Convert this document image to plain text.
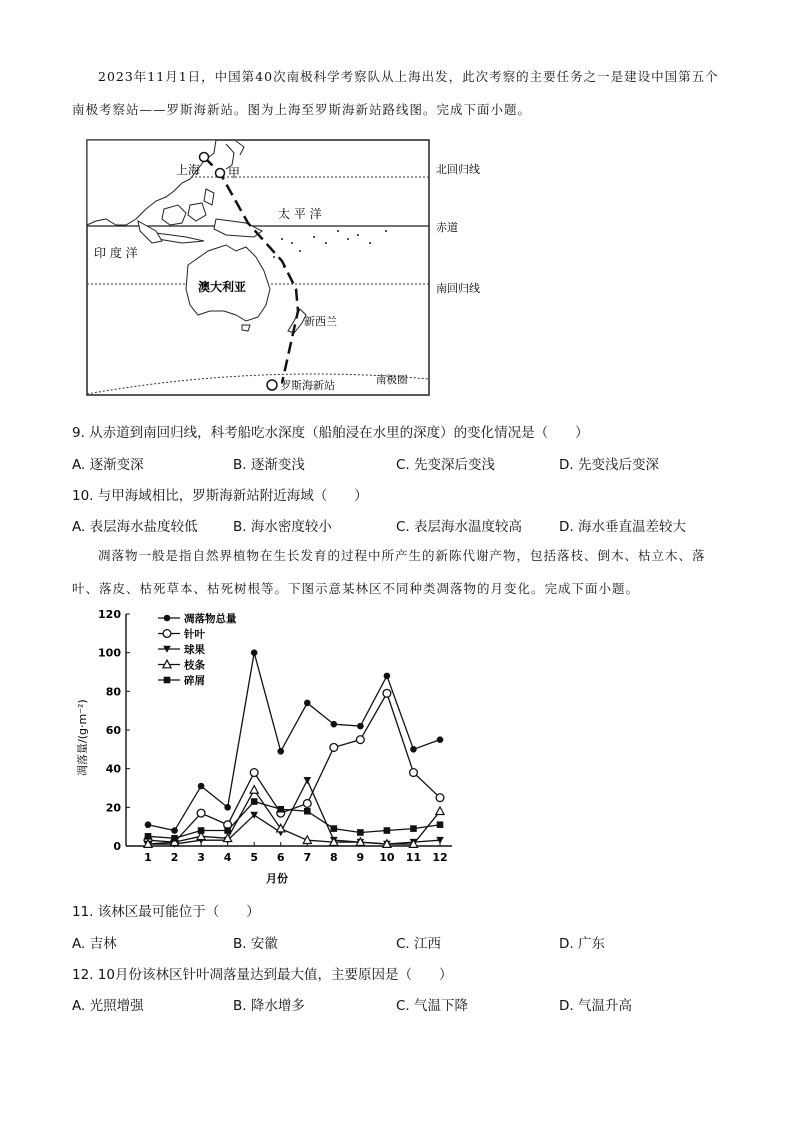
2023年11月1日，中国第40次南极科学考察队从上海出发，此次考察的主要任务之一是建设中国第五个南极考察站——罗斯海新站。图为上海至罗斯海新站路线图。完成下面小题。
上海 甲
太 平 洋
印 度 洋
澳大利亚
新西兰
罗斯海新站	南极圈
北回归线
赤道
南回归线
9. 从赤道到南回归线，科考船吃水深度（船舶浸在水里的深度）的变化情况是（　　）
A. 逐渐变深	B. 逐渐变浅	C. 先变深后变浅	D. 先变浅后变深
10. 与甲海域相比，罗斯海新站附近海域（　　）
A. 表层海水盐度较低	B. 海水密度较小	C. 表层海水温度较高	D. 海水垂直温差较大
凋落物一般是指自然界植物在生长发育的过程中所产生的新陈代谢产物，包括落枝、倒木、枯立木、落叶、落皮、枯死草本、枯死树根等。下图示意某林区不同种类凋落物的月变化。完成下面小题。
0
20
40
60
80
100
120
1 2 3 4 5 6 7 8 9 10 11 12
凋落物总量
针叶
球果
枝条
碎屑
凋落量/(g·m⁻²)
月份
11. 该林区最可能位于（　　）
A. 吉林	B. 安徽	C. 江西	D. 广东
12. 10月份该林区针叶凋落量达到最大值，主要原因是（　　）
A. 光照增强	B. 降水增多	C. 气温下降	D. 气温升高
